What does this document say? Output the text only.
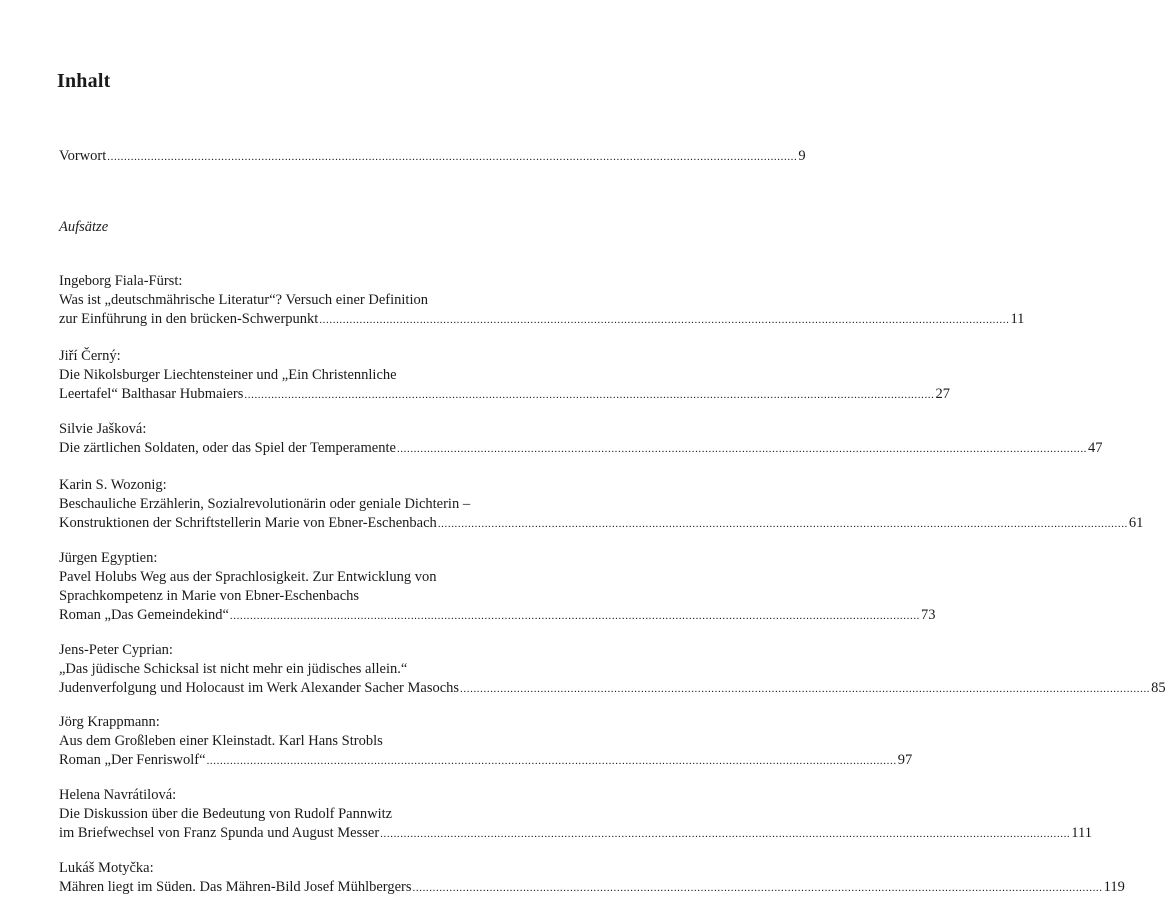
Inhalt
Vorwort .............................................................................................................................................................................................................. 9
Aufsätze
Ingeborg Fiala-Fürst:
Was ist „deutschmährische Literatur“? Versuch einer Definition
zur Einführung in den brücken-Schwerpunkt .............................................................................................................................................................................................................. 11
Jiří Černý:
Die Nikolsburger Liechtensteiner und „Ein Christennliche
Leertafel“ Balthasar Hubmaiers .............................................................................................................................................................................................................. 27
Silvie Jašková:
Die zärtlichen Soldaten, oder das Spiel der Temperamente .............................................................................................................................................................................................................. 47
Karin S. Wozonig:
Beschauliche Erzählerin, Sozialrevolutionärin oder geniale Dichterin –
Konstruktionen der Schriftstellerin Marie von Ebner-Eschenbach .............................................................................................................................................................................................................. 61
Jürgen Egyptien:
Pavel Holubs Weg aus der Sprachlosigkeit. Zur Entwicklung von
Sprachkompetenz in Marie von Ebner-Eschenbachs
Roman „Das Gemeindekind“ .............................................................................................................................................................................................................. 73
Jens-Peter Cyprian:
„Das jüdische Schicksal ist nicht mehr ein jüdisches allein.“
Judenverfolgung und Holocaust im Werk Alexander Sacher Masochs .............................................................................................................................................................................................................. 85
Jörg Krappmann:
Aus dem Großleben einer Kleinstadt. Karl Hans Strobls
Roman „Der Fenriswolf“ .............................................................................................................................................................................................................. 97
Helena Navrátilová:
Die Diskussion über die Bedeutung von Rudolf Pannwitz
im Briefwechsel von Franz Spunda und August Messer .............................................................................................................................................................................................................. 111
Lukáš Motyčka:
Mähren liegt im Süden. Das Mähren-Bild Josef Mühlbergers .............................................................................................................................................................................................................. 119
